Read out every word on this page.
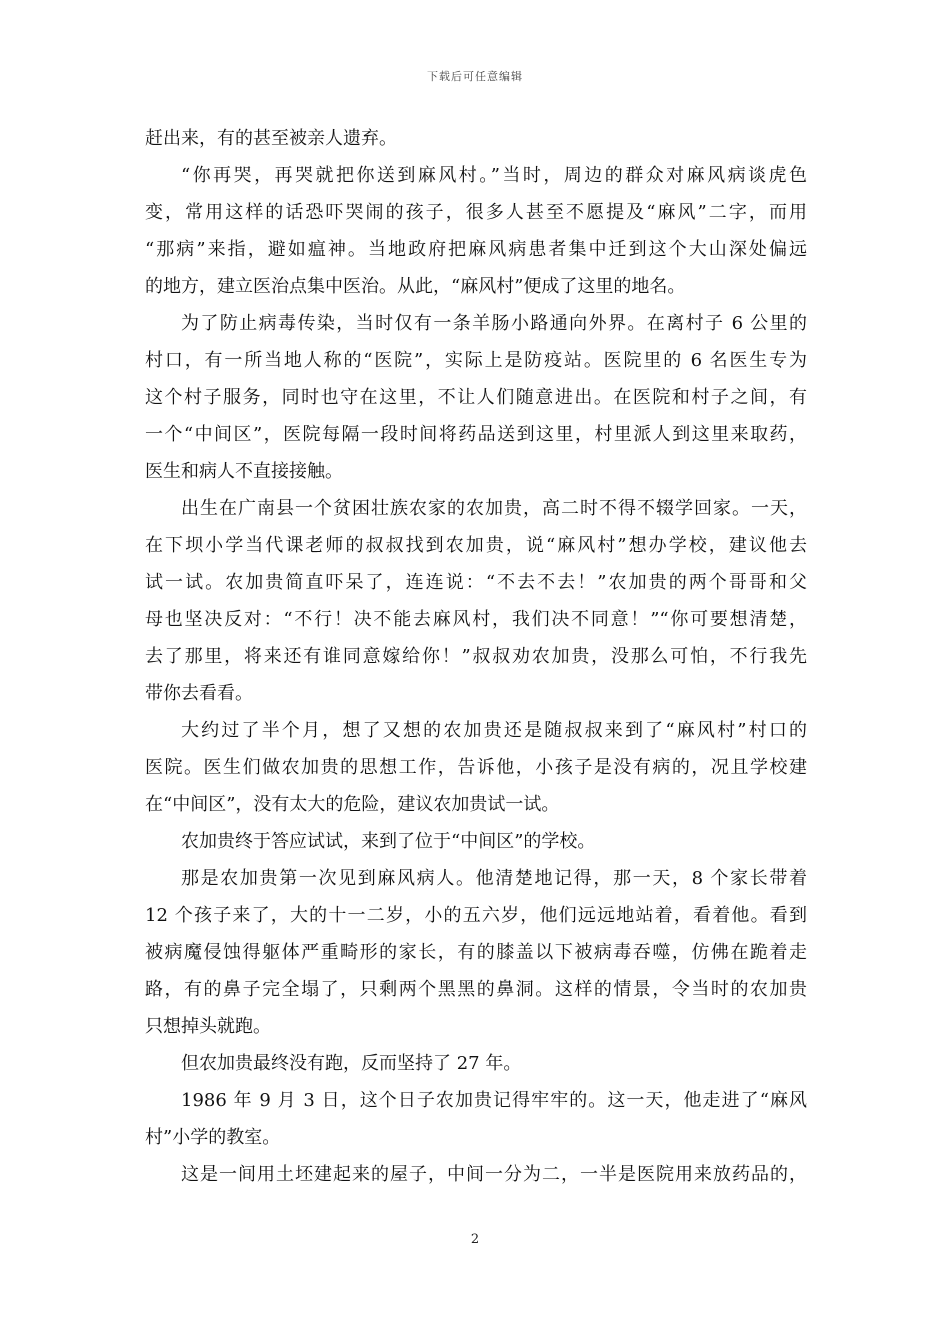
下载后可任意编辑
赶出来，有的甚至被亲人遗弃。
“你再哭，再哭就把你送到麻风村。”当时，周边的群众对麻风病谈虎色
变，常用这样的话恐吓哭闹的孩子，很多人甚至不愿提及“麻风”二字，而用
“那病”来指，避如瘟神。当地政府把麻风病患者集中迁到这个大山深处偏远
的地方，建立医治点集中医治。从此，“麻风村”便成了这里的地名。
为了防止病毒传染，当时仅有一条羊肠小路通向外界。在离村子 6 公里的
村口，有一所当地人称的“医院”，实际上是防疫站。医院里的 6 名医生专为
这个村子服务，同时也守在这里，不让人们随意进出。在医院和村子之间，有
一个“中间区”，医院每隔一段时间将药品送到这里，村里派人到这里来取药，
医生和病人不直接接触。
出生在广南县一个贫困壮族农家的农加贵，高二时不得不辍学回家。一天，
在下坝小学当代课老师的叔叔找到农加贵，说“麻风村”想办学校，建议他去
试一试。农加贵简直吓呆了，连连说：“不去不去！”农加贵的两个哥哥和父
母也坚决反对：“不行！决不能去麻风村，我们决不同意！”“你可要想清楚，
去了那里，将来还有谁同意嫁给你！”叔叔劝农加贵，没那么可怕，不行我先
带你去看看。
大约过了半个月，想了又想的农加贵还是随叔叔来到了“麻风村”村口的
医院。医生们做农加贵的思想工作，告诉他，小孩子是没有病的，况且学校建
在“中间区”，没有太大的危险，建议农加贵试一试。
农加贵终于答应试试，来到了位于“中间区”的学校。
那是农加贵第一次见到麻风病人。他清楚地记得，那一天，8 个家长带着
12 个孩子来了，大的十一二岁，小的五六岁，他们远远地站着，看着他。看到
被病魔侵蚀得躯体严重畸形的家长，有的膝盖以下被病毒吞噬，仿佛在跪着走
路，有的鼻子完全塌了，只剩两个黑黑的鼻洞。这样的情景，令当时的农加贵
只想掉头就跑。
但农加贵最终没有跑，反而坚持了 27 年。
1986 年 9 月 3 日，这个日子农加贵记得牢牢的。这一天，他走进了“麻风
村”小学的教室。
这是一间用土坯建起来的屋子，中间一分为二，一半是医院用来放药品的，
2
